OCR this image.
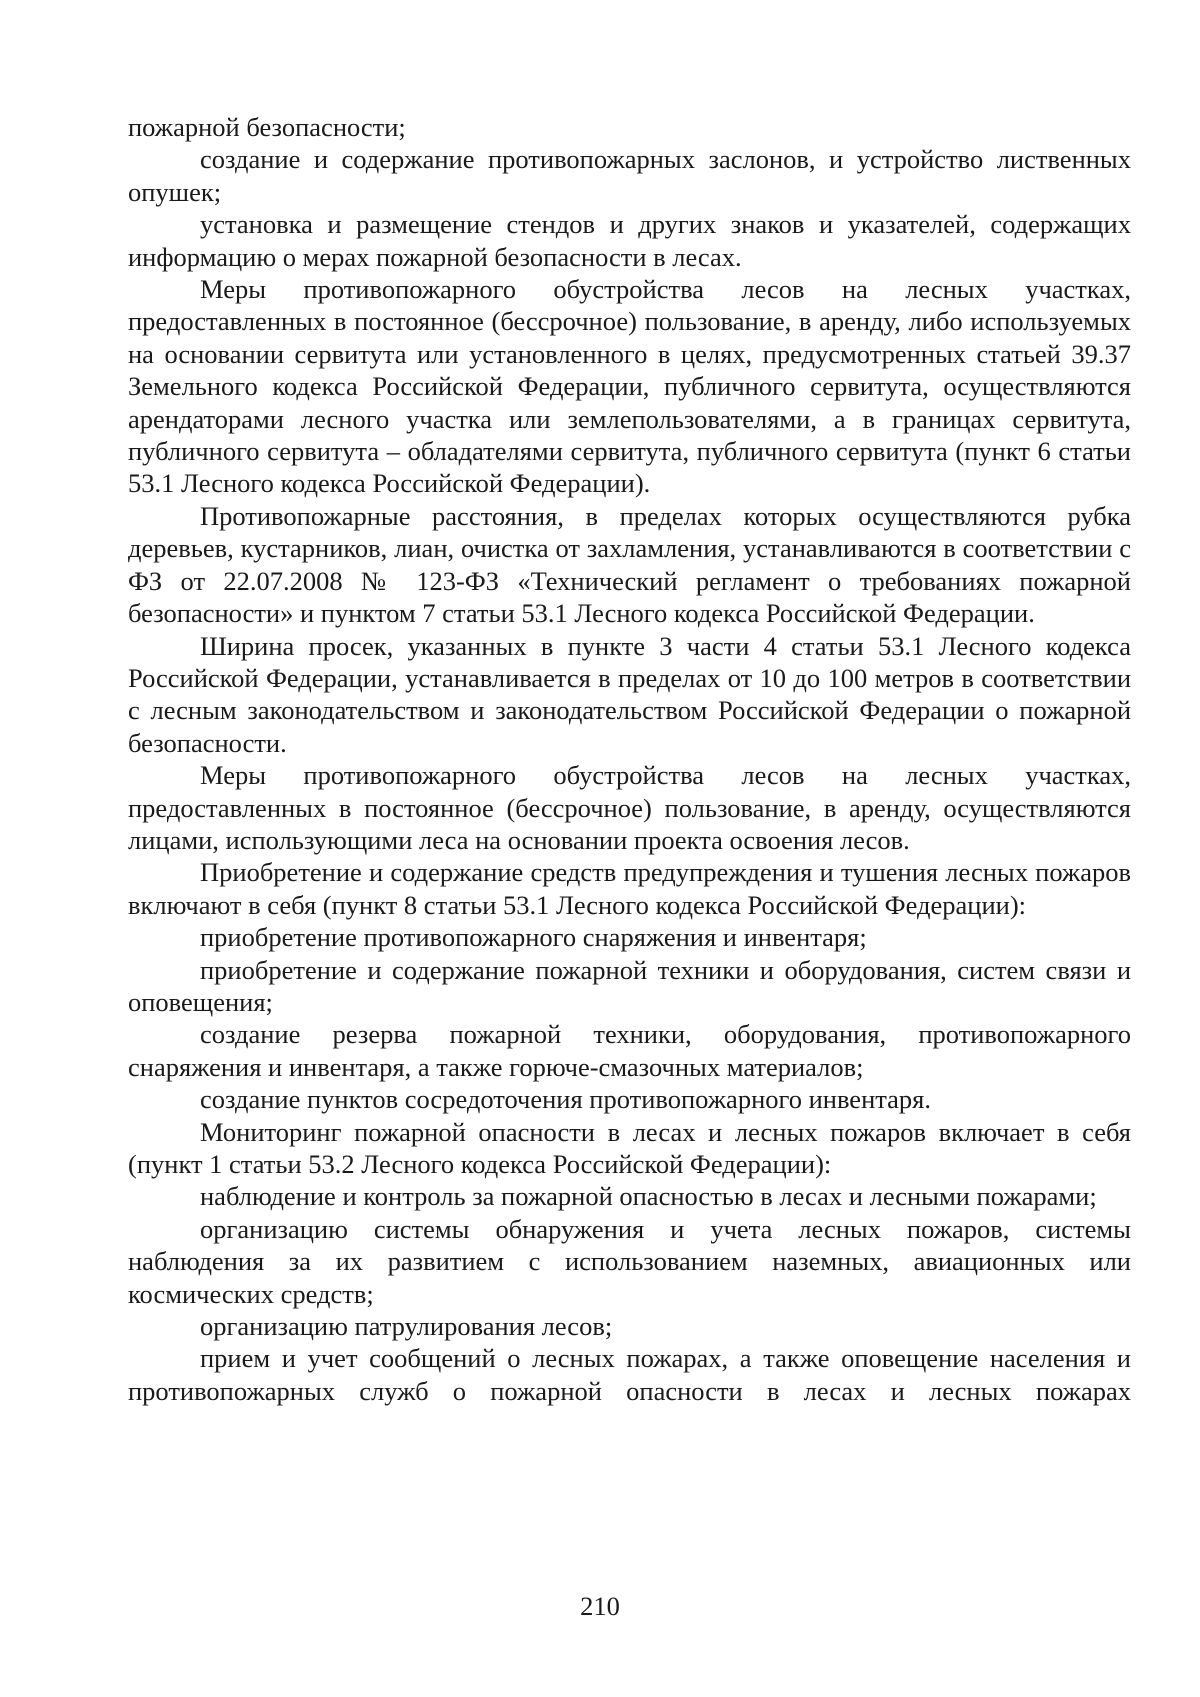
пожарной безопасности;

создание и содержание противопожарных заслонов, и устройство лиственных опушек;

установка и размещение стендов и других знаков и указателей, содержащих информацию о мерах пожарной безопасности в лесах.

Меры противопожарного обустройства лесов на лесных участках, предоставленных в постоянное (бессрочное) пользование, в аренду, либо используемых на основании сервитута или установленного в целях, предусмотренных статьей 39.37 Земельного кодекса Российской Федерации, публичного сервитута, осуществляются арендаторами лесного участка или землепользователями, а в границах сервитута, публичного сервитута – обладателями сервитута, публичного сервитута (пункт 6 статьи 53.1 Лесного кодекса Российской Федерации).

Противопожарные расстояния, в пределах которых осуществляются рубка деревьев, кустарников, лиан, очистка от захламления, устанавливаются в соответствии с ФЗ от 22.07.2008 № 123-ФЗ «Технический регламент о требованиях пожарной безопасности» и пунктом 7 статьи 53.1 Лесного кодекса Российской Федерации.

Ширина просек, указанных в пункте 3 части 4 статьи 53.1 Лесного кодекса Российской Федерации, устанавливается в пределах от 10 до 100 метров в соответствии с лесным законодательством и законодательством Российской Федерации о пожарной безопасности.

Меры противопожарного обустройства лесов на лесных участках, предоставленных в постоянное (бессрочное) пользование, в аренду, осуществляются лицами, использующими леса на основании проекта освоения лесов.

Приобретение и содержание средств предупреждения и тушения лесных пожаров включают в себя (пункт 8 статьи 53.1 Лесного кодекса Российской Федерации):

приобретение противопожарного снаряжения и инвентаря;

приобретение и содержание пожарной техники и оборудования, систем связи и оповещения;

создание резерва пожарной техники, оборудования, противопожарного снаряжения и инвентаря, а также горюче-смазочных материалов;

создание пунктов сосредоточения противопожарного инвентаря.

Мониторинг пожарной опасности в лесах и лесных пожаров включает в себя (пункт 1 статьи 53.2 Лесного кодекса Российской Федерации):

наблюдение и контроль за пожарной опасностью в лесах и лесными пожарами;

организацию системы обнаружения и учета лесных пожаров, системы наблюдения за их развитием с использованием наземных, авиационных или космических средств;

организацию патрулирования лесов;

прием и учет сообщений о лесных пожарах, а также оповещение населения и противопожарных служб о пожарной опасности в лесах и лесных пожарах

210
